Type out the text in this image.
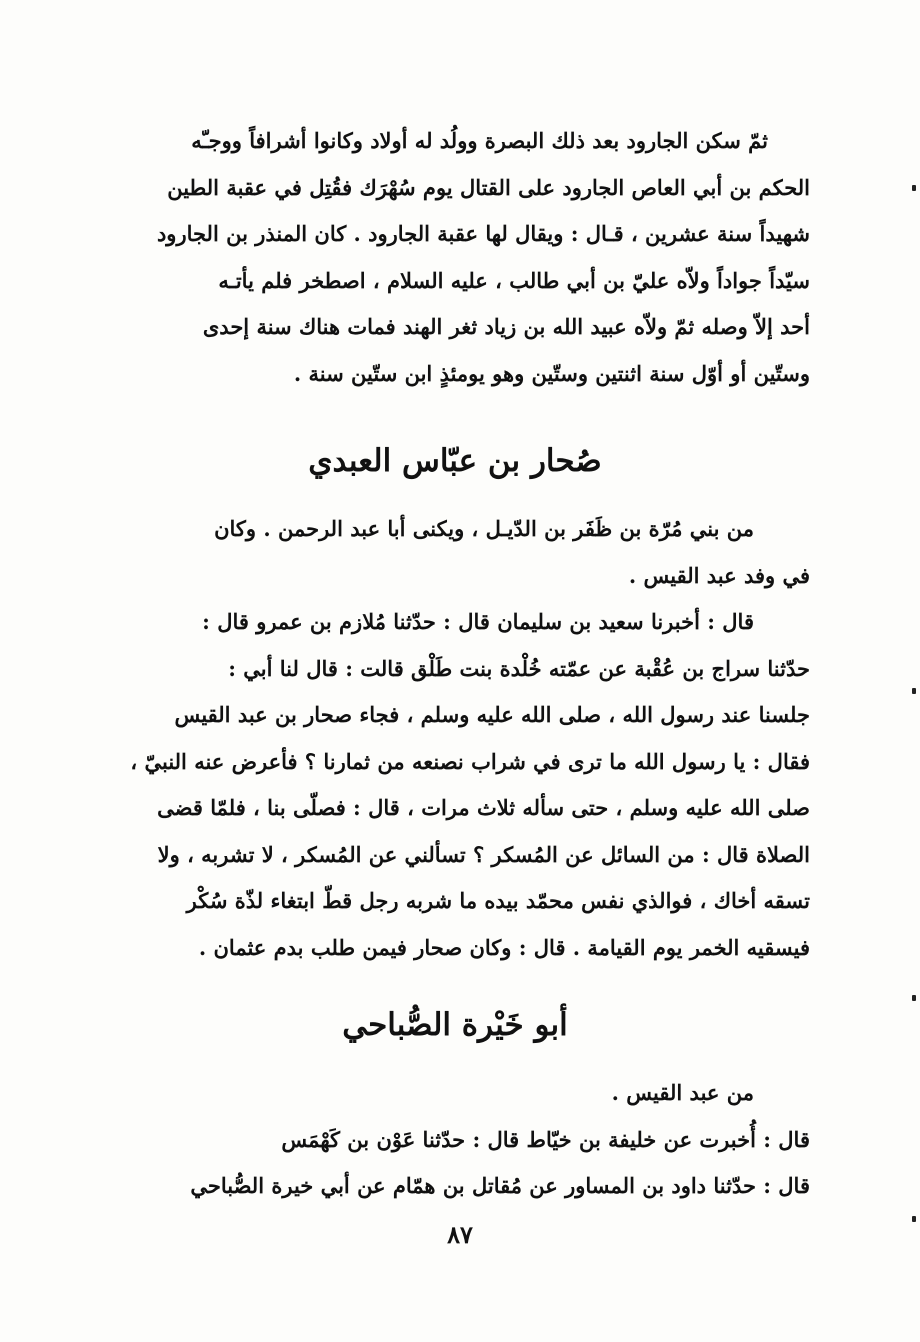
ثمّ سكن الجارود بعد ذلك البصرة وولُد له أولاد وكانوا أشرافاً ووجـّه
الحكم بن أبي العاص الجارود على القتال يوم سُهْرَك فقُتِل في عقبة الطين
شهيداً سنة عشرين ، قـال : ويقال لها عقبة الجارود . كان المنذر بن الجارود
سيّداً جواداً ولاّه عليّ بن أبي طالب ، عليه السلام ، اصطخر فلم يأتـه
أحد إلاّ وصله ثمّ ولاّه عبيد الله بن زياد ثغر الهند فمات هناك سنة إحدى
وستّين أو أوّل سنة اثنتين وستّين وهو يومئذٍ ابن ستّين سنة .
صُحار بن عبّاس العبدي
من بني مُرّة بن ظَفَر بن الدّيـل ، ويكنى أبا عبد الرحمن . وكان
في وفد عبد القيس .
قال : أخبرنا سعيد بن سليمان قال : حدّثنا مُلازم بن عمرو قال :
حدّثنا سراج بن عُقْبة عن عمّته خُلْدة بنت طَلْق قالت : قال لنا أبي :
جلسنا عند رسول الله ، صلى الله عليه وسلم ، فجاء صحار بن عبد القيس
فقال : يا رسول الله ما ترى في شراب نصنعه من ثمارنا ؟ فأعرض عنه النبيّ ،
صلى الله عليه وسلم ، حتى سأله ثلاث مرات ، قال : فصلّى بنا ، فلمّا قضى
الصلاة قال : من السائل عن المُسكر ؟ تسألني عن المُسكر ، لا تشربه ، ولا
تسقه أخاك ، فوالذي نفس محمّد بيده ما شربه رجل قطّ ابتغاء لذّة سُكْر
فيسقيه الخمر يوم القيامة . قال : وكان صحار فيمن طلب بدم عثمان .
أبو خَيْرة الصُّباحي
من عبد القيس .
قال : أُخبرت عن خليفة بن خيّاط قال : حدّثنا عَوْن بن كَهْمَس
قال : حدّثنا داود بن المساور عن مُقاتل بن همّام عن أبي خيرة الصُّباحي
٨٧
